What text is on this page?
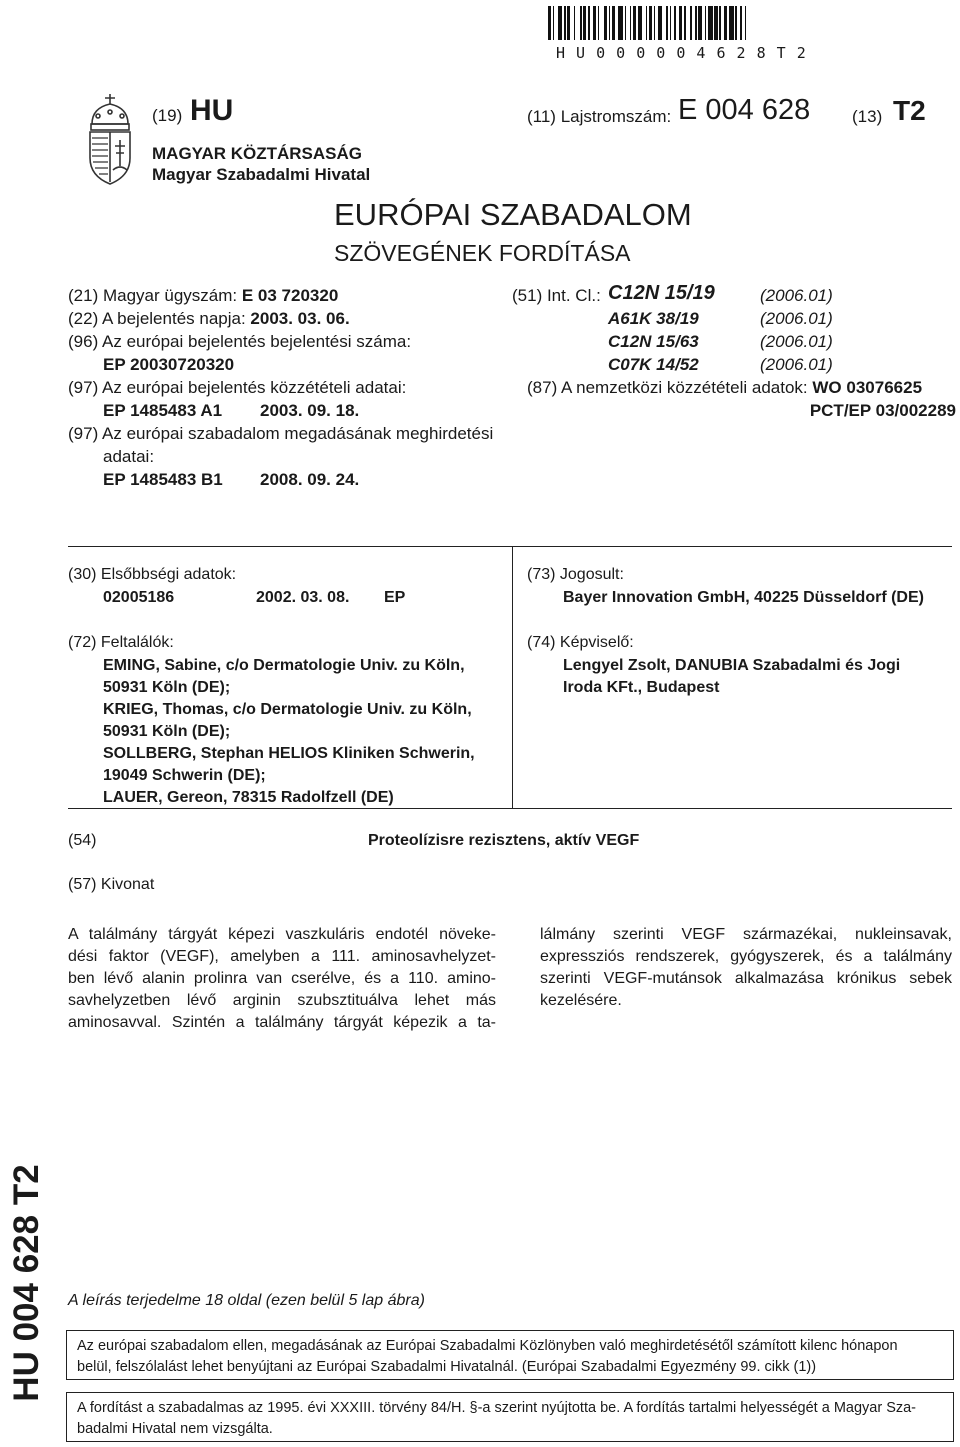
H U 0 0 0 0 0 4 6 2 8 T 2
(19) HU
MAGYAR KÖZTÁRSASÁG
Magyar Szabadalmi Hivatal
(11) Lajstromszám: E 004 628 (13) T2
EURÓPAI SZABADALOM
SZÖVEGÉNEK FORDÍTÁSA
(21) Magyar ügyszám: E 03 720320
(22) A bejelentés napja: 2003. 03. 06.
(96) Az európai bejelentés bejelentési száma:
EP 20030720320
(97) Az európai bejelentés közzétételi adatai:
EP 1485483 A1 2003. 09. 18.
(97) Az európai szabadalom megadásának meghirdetési
adatai:
EP 1485483 B1 2008. 09. 24.
(51) Int. Cl.: C12N 15/19	(2006.01)
A61K 38/19	(2006.01)
C12N 15/63	(2006.01)
C07K 14/52	(2006.01)
(87) A nemzetközi közzétételi adatok: WO 03076625
PCT/EP 03/002289
(30) Elsőbbségi adatok:
02005186	2002. 03. 08. EP
(72) Feltalálók:
EMING, Sabine, c/o Dermatologie Univ. zu Köln,
50931 Köln (DE);
KRIEG, Thomas, c/o Dermatologie Univ. zu Köln,
50931 Köln (DE);
SOLLBERG, Stephan HELIOS Kliniken Schwerin,
19049 Schwerin (DE);
LAUER, Gereon, 78315 Radolfzell (DE)
(73) Jogosult:
Bayer Innovation GmbH, 40225 Düsseldorf (DE)
(74) Képviselő:
Lengyel Zsolt, DANUBIA Szabadalmi és Jogi
Iroda KFt., Budapest
(54)	Proteolízisre rezisztens, aktív VEGF
(57) Kivonat
A találmány tárgyát képezi vaszkuláris endotél növeke-
dési faktor (VEGF), amelyben a 111. aminosavhelyzet-
ben lévő alanin prolinra van cserélve, és a 110. amino-
savhelyzetben lévő arginin szubsztituálva lehet más
aminosavval. Szintén a találmány tárgyát képezik a ta-
lálmány szerinti VEGF származékai, nukleinsavak,
expressziós rendszerek, gyógyszerek, és a találmány
szerinti VEGF-mutánsok alkalmazása krónikus sebek
kezelésére.
HU 004 628 T2 A leírás terjedelme 18 oldal (ezen belül 5 lap ábra)
Az európai szabadalom ellen, megadásának az Európai Szabadalmi Közlönyben való meghirdetésétől számított kilenc hónapon
belül, felszólalást lehet benyújtani az Európai Szabadalmi Hivatalnál. (Európai Szabadalmi Egyezmény 99. cikk (1))
A fordítást a szabadalmas az 1995. évi XXXIII. törvény 84/H. §-a szerint nyújtotta be. A fordítás tartalmi helyességét a Magyar Sza-
badalmi Hivatal nem vizsgálta.
